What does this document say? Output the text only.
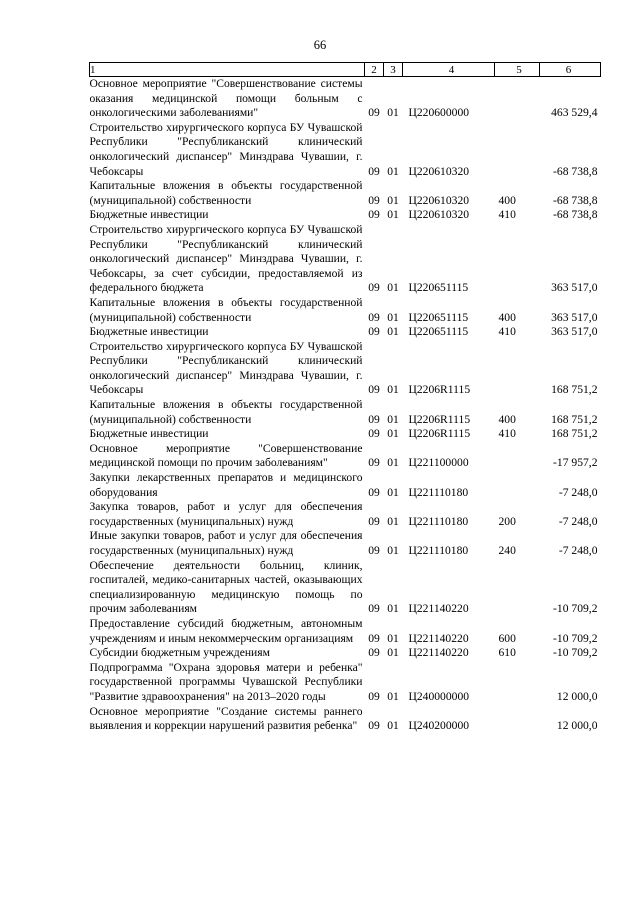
66
1	2	3	4	5	6
Основное мероприятие "Совершенствование системы оказания медицинской помощи больным с онкологическими заболеваниями"	09	01	Ц220600000		463 529,4
Строительство хирургического корпуса БУ Чувашской Республики "Республиканский клинический онкологический диспансер" Минздрава Чувашии, г. Чебоксары	09	01	Ц220610320		-68 738,8
Капитальные вложения в объекты государственной (муниципальной) собственности	09	01	Ц220610320	400	-68 738,8
Бюджетные инвестиции	09	01	Ц220610320	410	-68 738,8
Строительство хирургического корпуса БУ Чувашской Республики "Республиканский клинический онкологический диспансер" Минздрава Чувашии, г. Чебоксары, за счет субсидии, предоставляемой из федерального бюджета	09	01	Ц220651115		363 517,0
Капитальные вложения в объекты государственной (муниципальной) собственности	09	01	Ц220651115	400	363 517,0
Бюджетные инвестиции	09	01	Ц220651115	410	363 517,0
Строительство хирургического корпуса БУ Чувашской Республики "Республиканский клинический онкологический диспансер" Минздрава Чувашии, г. Чебоксары	09	01	Ц2206R1115		168 751,2
Капитальные вложения в объекты государственной (муниципальной) собственности	09	01	Ц2206R1115	400	168 751,2
Бюджетные инвестиции	09	01	Ц2206R1115	410	168 751,2
Основное мероприятие "Совершенствование медицинской помощи по прочим заболеваниям"	09	01	Ц221100000		-17 957,2
Закупки лекарственных препаратов и медицинского оборудования	09	01	Ц221110180		-7 248,0
Закупка товаров, работ и услуг для обеспечения государственных (муниципальных) нужд	09	01	Ц221110180	200	-7 248,0
Иные закупки товаров, работ и услуг для обеспечения государственных (муниципальных) нужд	09	01	Ц221110180	240	-7 248,0
Обеспечение деятельности больниц, клиник, госпиталей, медико-санитарных частей, оказывающих специализированную медицинскую помощь по прочим заболеваниям	09	01	Ц221140220		-10 709,2
Предоставление субсидий бюджетным, автономным учреждениям и иным некоммерческим организациям	09	01	Ц221140220	600	-10 709,2
Субсидии бюджетным учреждениям	09	01	Ц221140220	610	-10 709,2
Подпрограмма "Охрана здоровья матери и ребенка" государственной программы Чувашской Республики "Развитие здравоохранения" на 2013–2020 годы	09	01	Ц240000000		12 000,0
Основное мероприятие "Создание системы раннего выявления и коррекции нарушений развития ребенка"	09	01	Ц240200000		12 000,0
